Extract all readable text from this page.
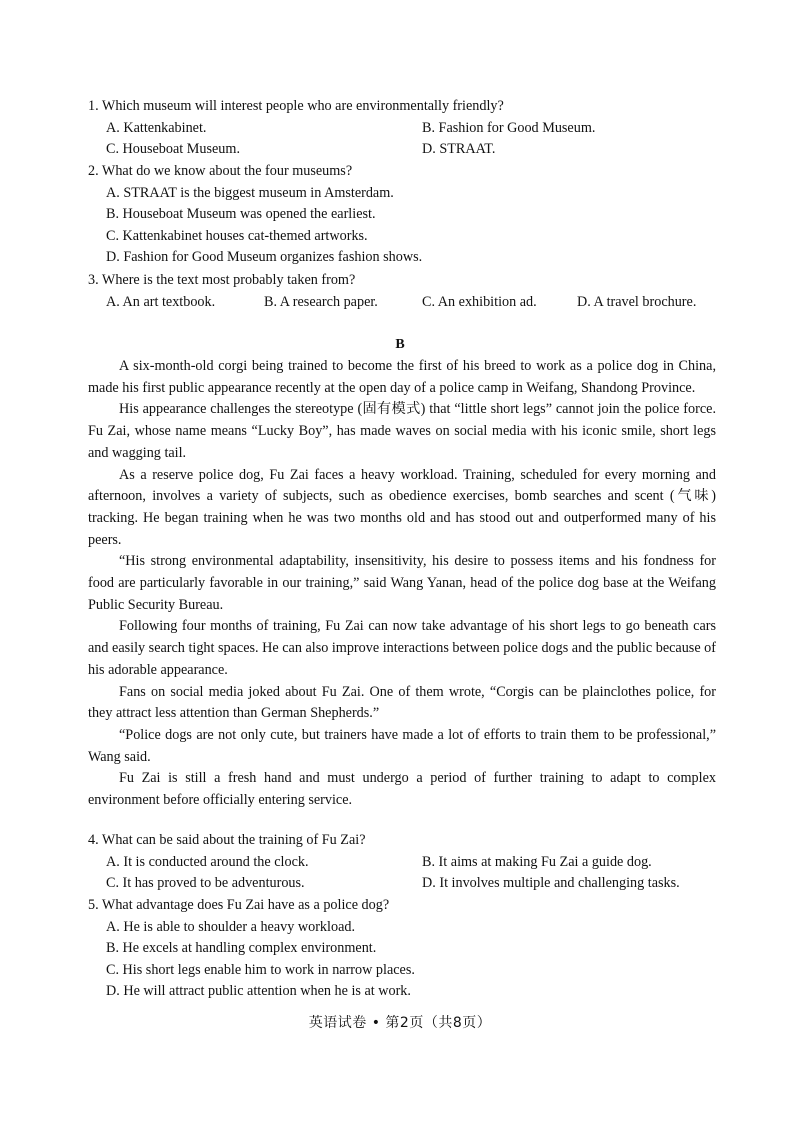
1. Which museum will interest people who are environmentally friendly?

A. Kattenkabinet.	B. Fashion for Good Museum.
C. Houseboat Museum.	D. STRAAT.

2. What do we know about the four museums?

A. STRAAT is the biggest museum in Amsterdam.
B. Houseboat Museum was opened the earliest.
C. Kattenkabinet houses cat-themed artworks.
D. Fashion for Good Museum organizes fashion shows.

3. Where is the text most probably taken from?

A. An art textbook.	B. A research paper.	C. An exhibition ad.	D. A travel brochure.
B

A six-month-old corgi being trained to become the first of his breed to work as a police dog in China, made his first public appearance recently at the open day of a police camp in Weifang, Shandong Province.

His appearance challenges the stereotype (固有模式) that “little short legs” cannot join the police force. Fu Zai, whose name means “Lucky Boy”, has made waves on social media with his iconic smile, short legs and wagging tail.

As a reserve police dog, Fu Zai faces a heavy workload. Training, scheduled for every morning and afternoon, involves a variety of subjects, such as obedience exercises, bomb searches and scent (气味) tracking. He began training when he was two months old and has stood out and outperformed many of his peers.

“His strong environmental adaptability, insensitivity, his desire to possess items and his fondness for food are particularly favorable in our training,” said Wang Yanan, head of the police dog base at the Weifang Public Security Bureau.

Following four months of training, Fu Zai can now take advantage of his short legs to go beneath cars and easily search tight spaces. He can also improve interactions between police dogs and the public because of his adorable appearance.

Fans on social media joked about Fu Zai. One of them wrote, “Corgis can be plainclothes police, for they attract less attention than German Shepherds.”

“Police dogs are not only cute, but trainers have made a lot of efforts to train them to be professional,” Wang said.

Fu Zai is still a fresh hand and must undergo a period of further training to adapt to complex environment before officially entering service.

4. What can be said about the training of Fu Zai?

A. It is conducted around the clock.	B. It aims at making Fu Zai a guide dog.
C. It has proved to be adventurous.	D. It involves multiple and challenging tasks.

5. What advantage does Fu Zai have as a police dog?

A. He is able to shoulder a heavy workload.
B. He excels at handling complex environment.
C. His short legs enable him to work in narrow places.
D. He will attract public attention when he is at work.
英语试卷 • 第2页（共8页）
